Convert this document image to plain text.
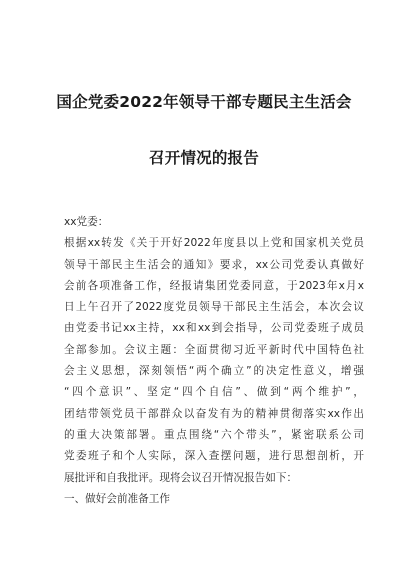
国企党委2022年领导干部专题民主生活会
召开情况的报告
xx党委：
根据xx转发《关于开好2022年度县以上党和国家机关党员
领导干部民主生活会的通知》要求，xx公司党委认真做好
会前各项准备工作，经报请集团党委同意，于2023年x月x
日上午召开了2022度党员领导干部民主生活会，本次会议
由党委书记xx主持，xx和xx到会指导，公司党委班子成员
全部参加。会议主题：全面贯彻习近平新时代中国特色社
会主义思想，深刻领悟“两个确立”的决定性意义，增强
“四个意识”、坚定“四个自信”、做到“两个维护”，
团结带领党员干部群众以奋发有为的精神贯彻落实xx作出
的重大决策部署。重点围绕“六个带头”，紧密联系公司
党委班子和个人实际，深入查摆问题，进行思想剖析，开
展批评和自我批评。现将会议召开情况报告如下：
一、做好会前准备工作
